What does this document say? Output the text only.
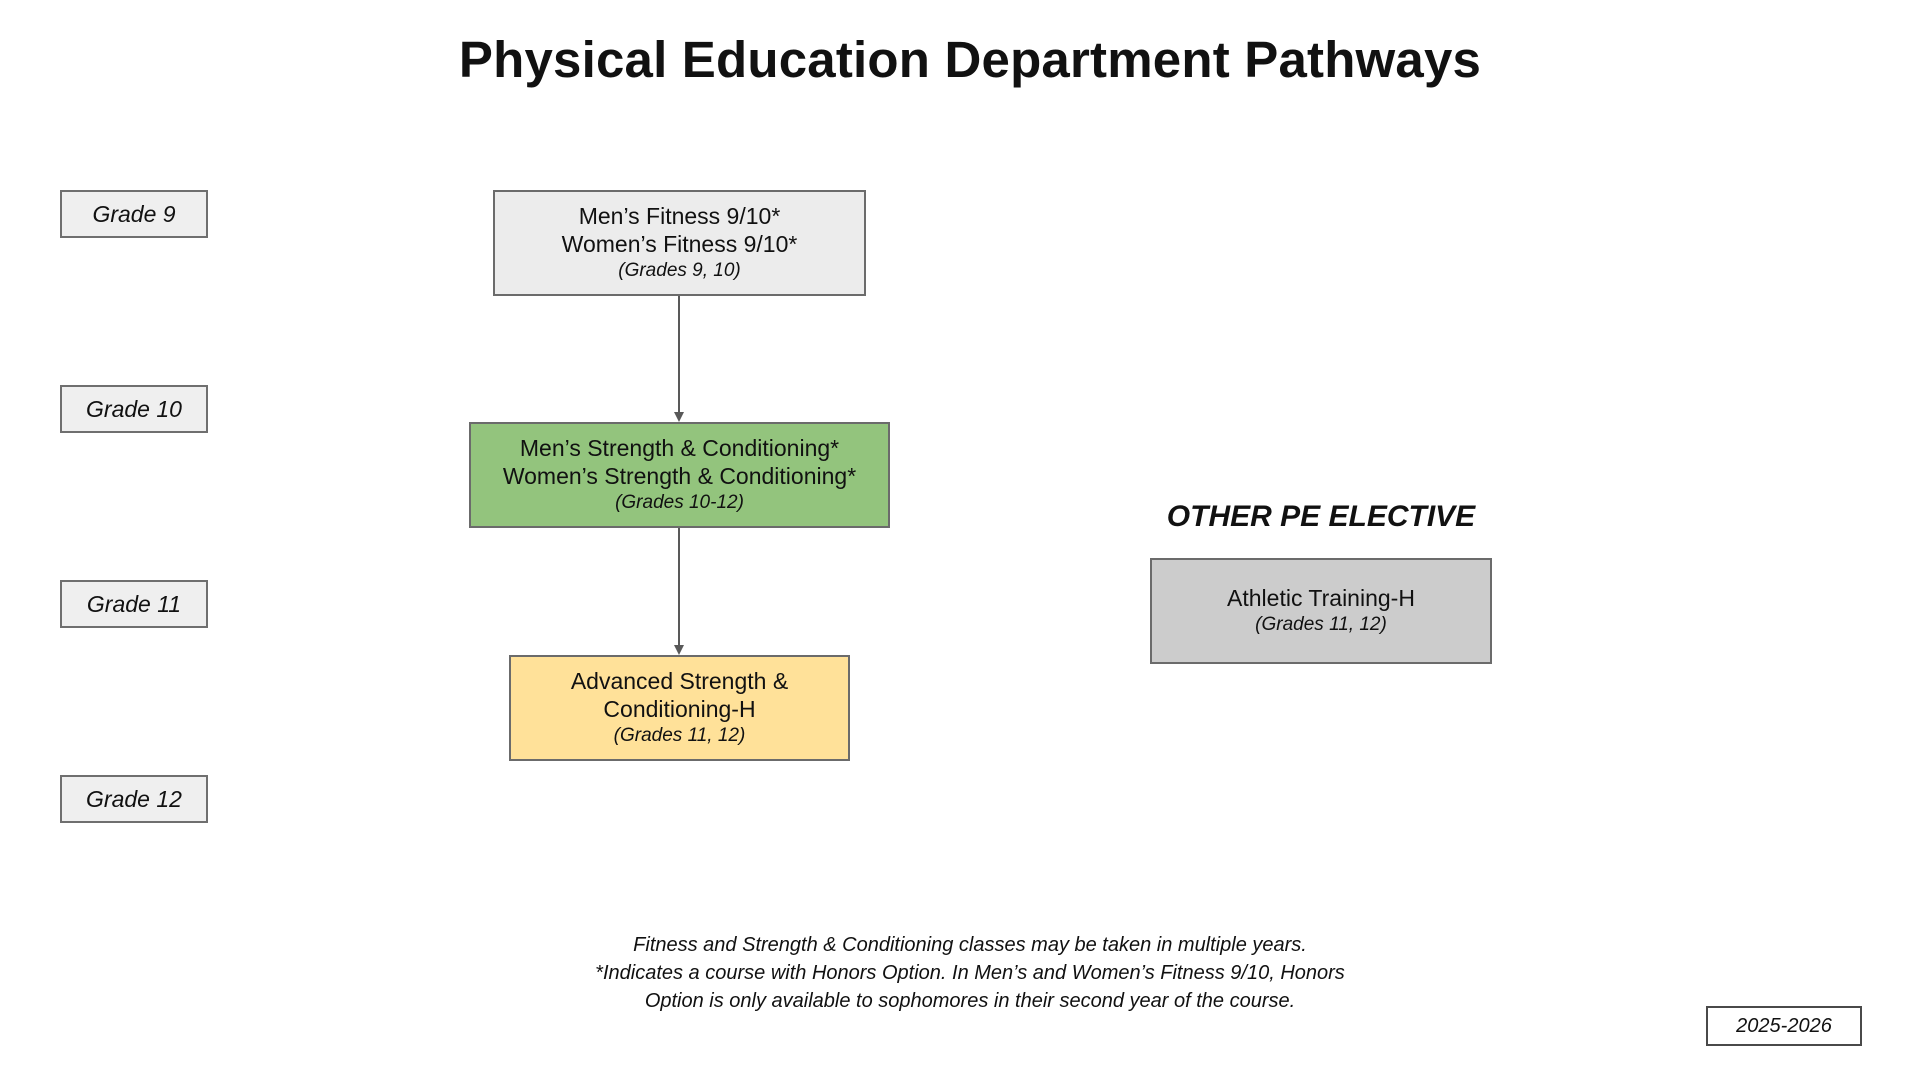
Physical Education Department Pathways
Grade 9
Grade 10
Grade 11
Grade 12
Men’s Fitness 9/10*
Women’s Fitness 9/10*
(Grades 9, 10)
Men’s Strength & Conditioning*
Women’s Strength & Conditioning*
(Grades 10-12)
Advanced Strength &
Conditioning-H
(Grades 11, 12)
OTHER PE ELECTIVE
Athletic Training-H
(Grades 11, 12)
Fitness and Strength & Conditioning classes may be taken in multiple years.
*Indicates a course with Honors Option. In Men’s and Women’s Fitness 9/10, Honors
Option is only available to sophomores in their second year of the course.
2025-2026
